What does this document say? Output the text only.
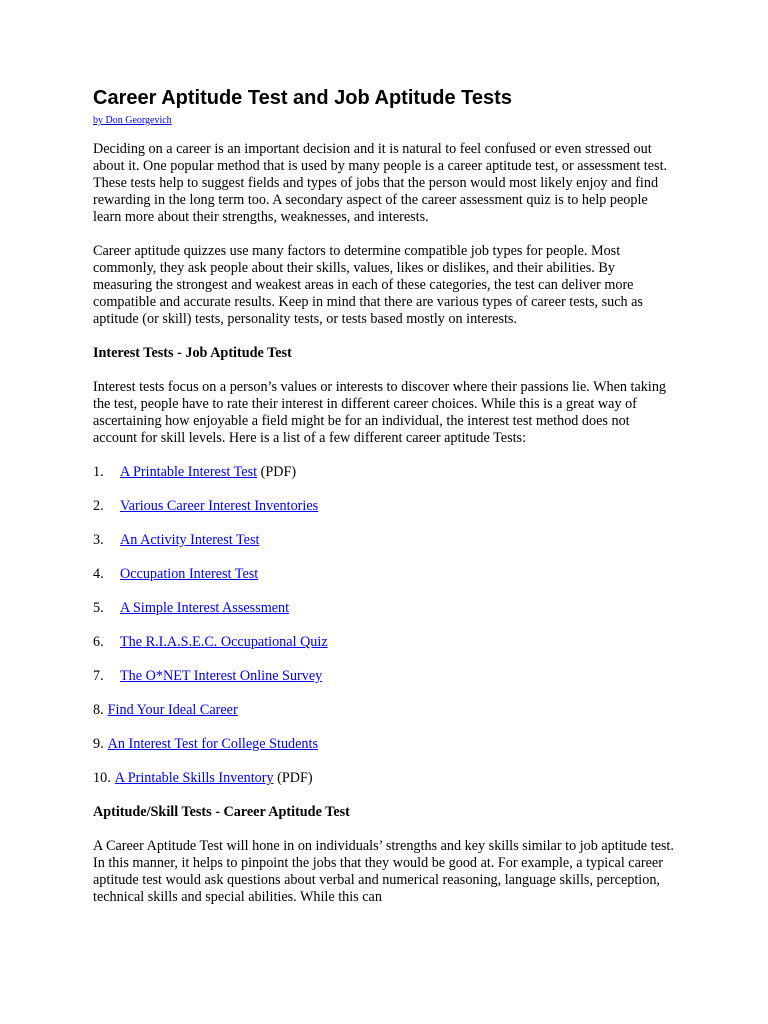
Career Aptitude Test and Job Aptitude Tests
by Don Georgevich

Deciding on a career is an important decision and it is natural to feel confused or even stressed out about it. One popular method that is used by many people is a career aptitude test, or assessment test. These tests help to suggest fields and types of jobs that the person would most likely enjoy and find rewarding in the long term too. A secondary aspect of the career assessment quiz is to help people learn more about their strengths, weaknesses, and interests.

Career aptitude quizzes use many factors to determine compatible job types for people. Most commonly, they ask people about their skills, values, likes or dislikes, and their abilities. By measuring the strongest and weakest areas in each of these categories, the test can deliver more compatible and accurate results. Keep in mind that there are various types of career tests, such as aptitude (or skill) tests, personality tests, or tests based mostly on interests.

Interest Tests - Job Aptitude Test

Interest tests focus on a person’s values or interests to discover where their passions lie. When taking the test, people have to rate their interest in different career choices. While this is a great way of ascertaining how enjoyable a field might be for an individual, the interest test method does not account for skill levels. Here is a list of a few different career aptitude Tests:

1. A Printable Interest Test (PDF)
2. Various Career Interest Inventories
3. An Activity Interest Test
4. Occupation Interest Test
5. A Simple Interest Assessment
6. The R.I.A.S.E.C. Occupational Quiz
7. The O*NET Interest Online Survey
8. Find Your Ideal Career
9. An Interest Test for College Students
10. A Printable Skills Inventory (PDF)

Aptitude/Skill Tests - Career Aptitude Test

A Career Aptitude Test will hone in on individuals’ strengths and key skills similar to job aptitude test. In this manner, it helps to pinpoint the jobs that they would be good at. For example, a typical career aptitude test would ask questions about verbal and numerical reasoning, language skills, perception, technical skills and special abilities. While this can
